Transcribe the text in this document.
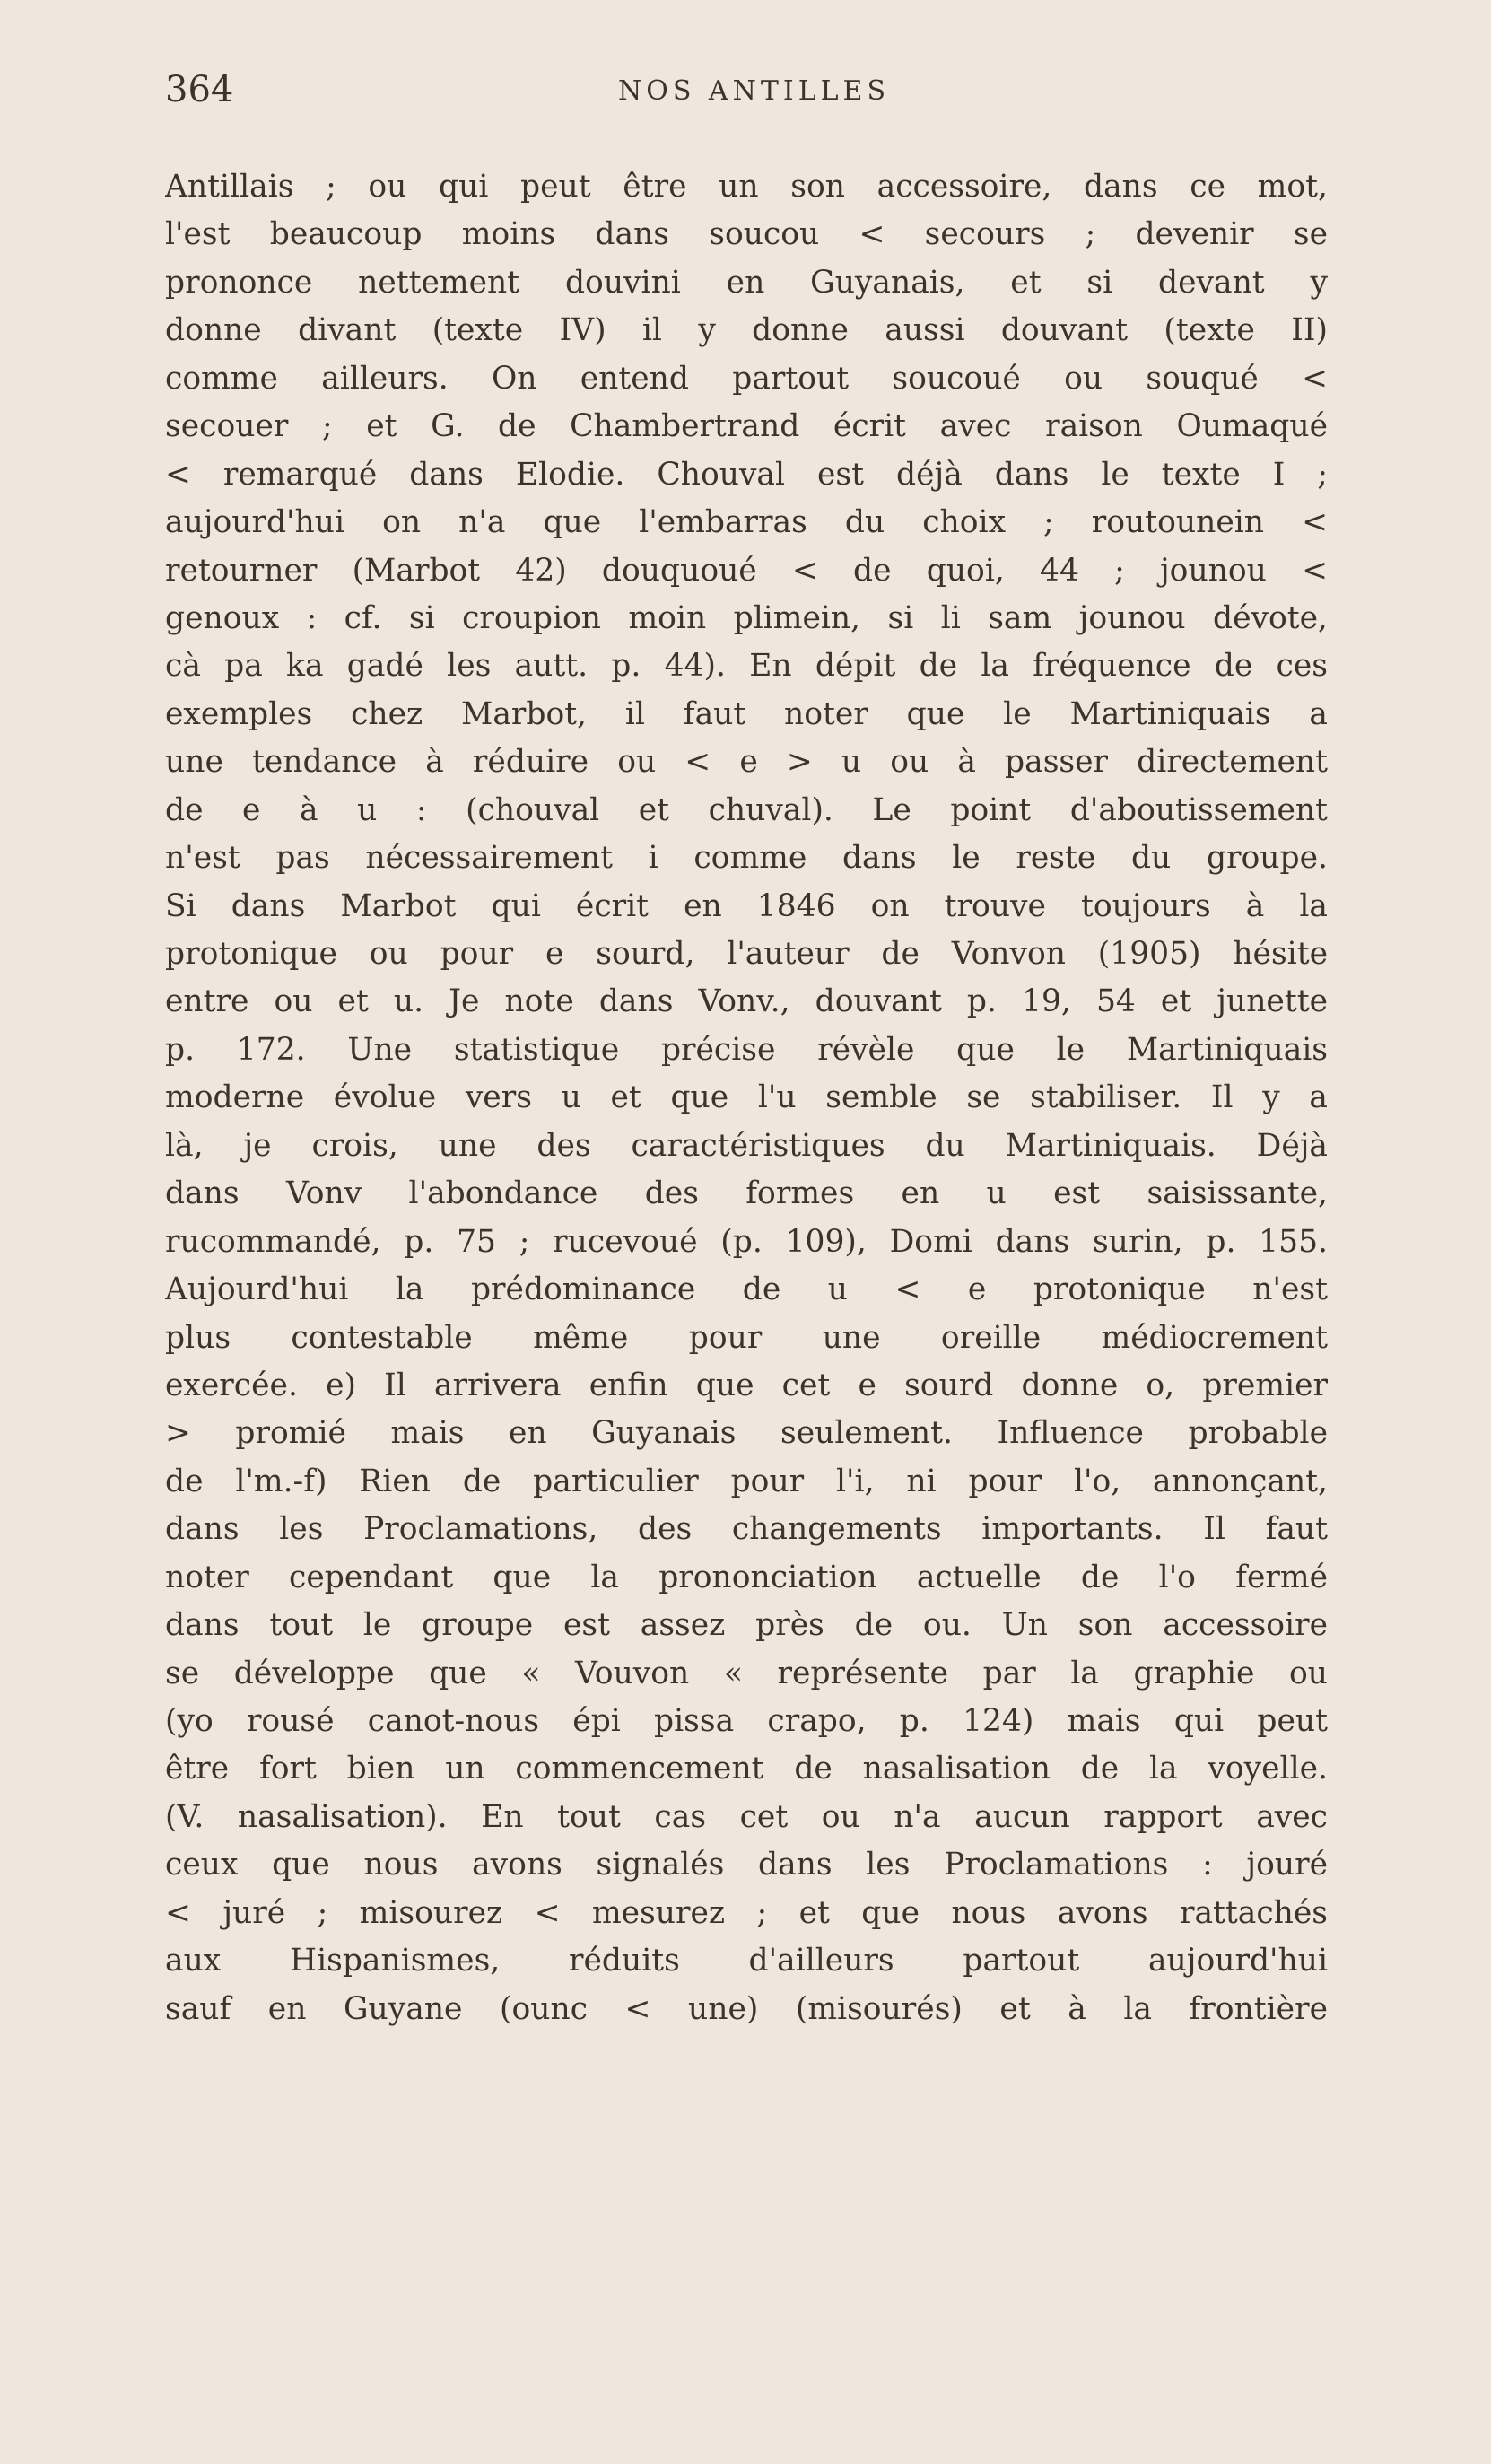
364	NOS ANTILLES
Antillais ; ou qui peut être un son accessoire, dans ce mot,
l'est beaucoup moins dans soucou < secours ; devenir se
prononce nettement douvini en Guyanais, et si devant y
donne divant (texte IV) il y donne aussi douvant (texte II)
comme ailleurs. On entend partout soucoué ou souqué <
secouer ; et G. de Chambertrand écrit avec raison Oumaqué
< remarqué dans Elodie. Chouval est déjà dans le texte I ;
aujourd'hui on n'a que l'embarras du choix ; routounein <
retourner (Marbot 42) douquoué < de quoi, 44 ; jounou <
genoux : cf. si croupion moin plimein, si li sam jounou dévote,
cà pa ka gadé les autt. p. 44). En dépit de la fréquence de ces
exemples chez Marbot, il faut noter que le Martiniquais a
une tendance à réduire ou < e > u ou à passer directement
de e à u : (chouval et chuval). Le point d'aboutissement
n'est pas nécessairement i comme dans le reste du groupe.
Si dans Marbot qui écrit en 1846 on trouve toujours à la
protonique ou pour e sourd, l'auteur de Vonvon (1905) hésite
entre ou et u. Je note dans Vonv., douvant p. 19, 54 et junette
p. 172. Une statistique précise révèle que le Martiniquais
moderne évolue vers u et que l'u semble se stabiliser. Il y a
là, je crois, une des caractéristiques du Martiniquais. Déjà
dans Vonv l'abondance des formes en u est saisissante,
rucommandé, p. 75 ; rucevoué (p. 109), Domi dans surin, p. 155.
Aujourd'hui la prédominance de u < e protonique n'est
plus contestable même pour une oreille médiocrement
exercée. e) Il arrivera enfin que cet e sourd donne o, premier
> promié mais en Guyanais seulement. Influence probable
de l'm.-f) Rien de particulier pour l'i, ni pour l'o, annonçant,
dans les Proclamations, des changements importants. Il faut
noter cependant que la prononciation actuelle de l'o fermé
dans tout le groupe est assez près de ou. Un son accessoire
se développe que « Vouvon « représente par la graphie ou
(yo rousé canot-nous épi pissa crapo, p. 124) mais qui peut
être fort bien un commencement de nasalisation de la voyelle.
(V. nasalisation). En tout cas cet ou n'a aucun rapport avec
ceux que nous avons signalés dans les Proclamations : jouré
< juré ; misourez < mesurez ; et que nous avons rattachés
aux Hispanismes, réduits d'ailleurs partout aujourd'hui
sauf en Guyane (ounc < une) (misourés) et à la frontière
